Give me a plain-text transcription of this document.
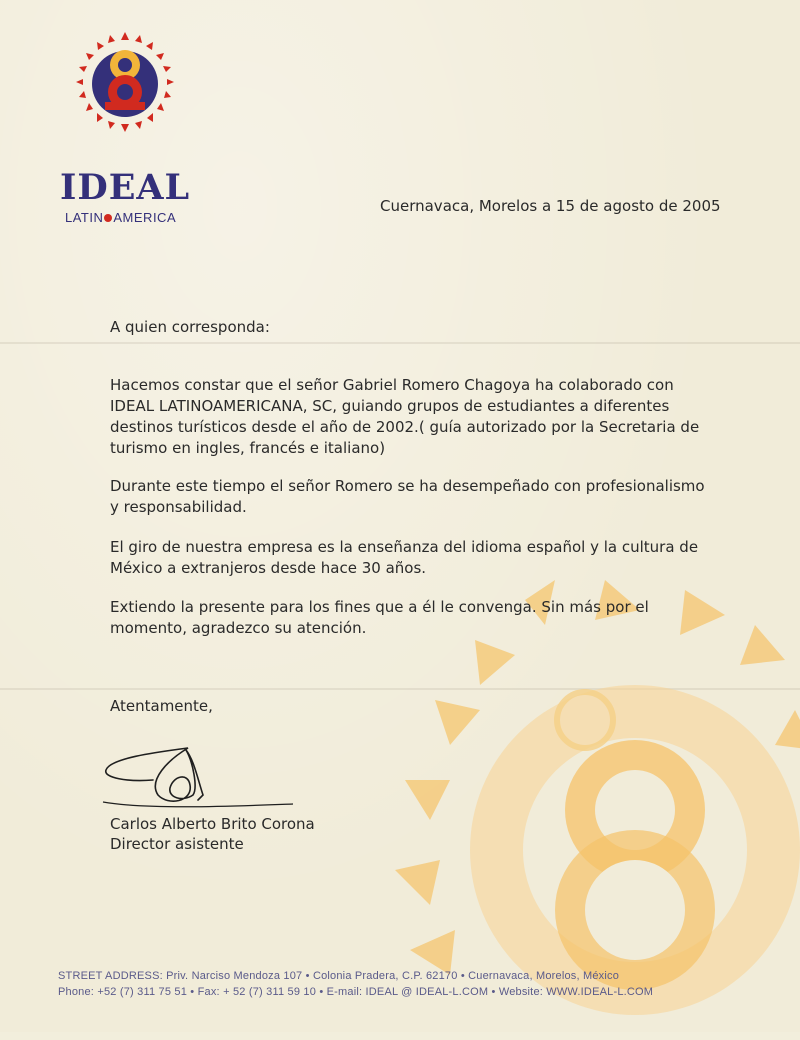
IDEAL
LATIN AMERICA
Cuernavaca, Morelos a 15 de agosto de 2005
A quien corresponda:
Hacemos constar que el señor Gabriel Romero Chagoya ha colaborado con IDEAL LATINOAMERICANA, SC, guiando grupos de estudiantes a diferentes destinos turísticos desde el año de 2002.( guía autorizado por la Secretaria de turismo en ingles, francés e italiano)
Durante este tiempo el señor Romero se ha desempeñado con profesionalismo y responsabilidad.
El giro de nuestra empresa es la enseñanza del idioma español y la cultura de México a extranjeros desde hace 30 años.
Extiendo la presente para los fines que a él le convenga. Sin más por el momento, agradezco su atención.
Atentamente,
Carlos Alberto Brito Corona
Director asistente
STREET ADDRESS: Priv. Narciso Mendoza 107 • Colonia Pradera, C.P. 62170 • Cuernavaca, Morelos, México
Phone: +52 (7) 311 75 51 • Fax: + 52 (7) 311 59 10 • E-mail: IDEAL @ IDEAL-L.COM • Website: WWW.IDEAL-L.COM
